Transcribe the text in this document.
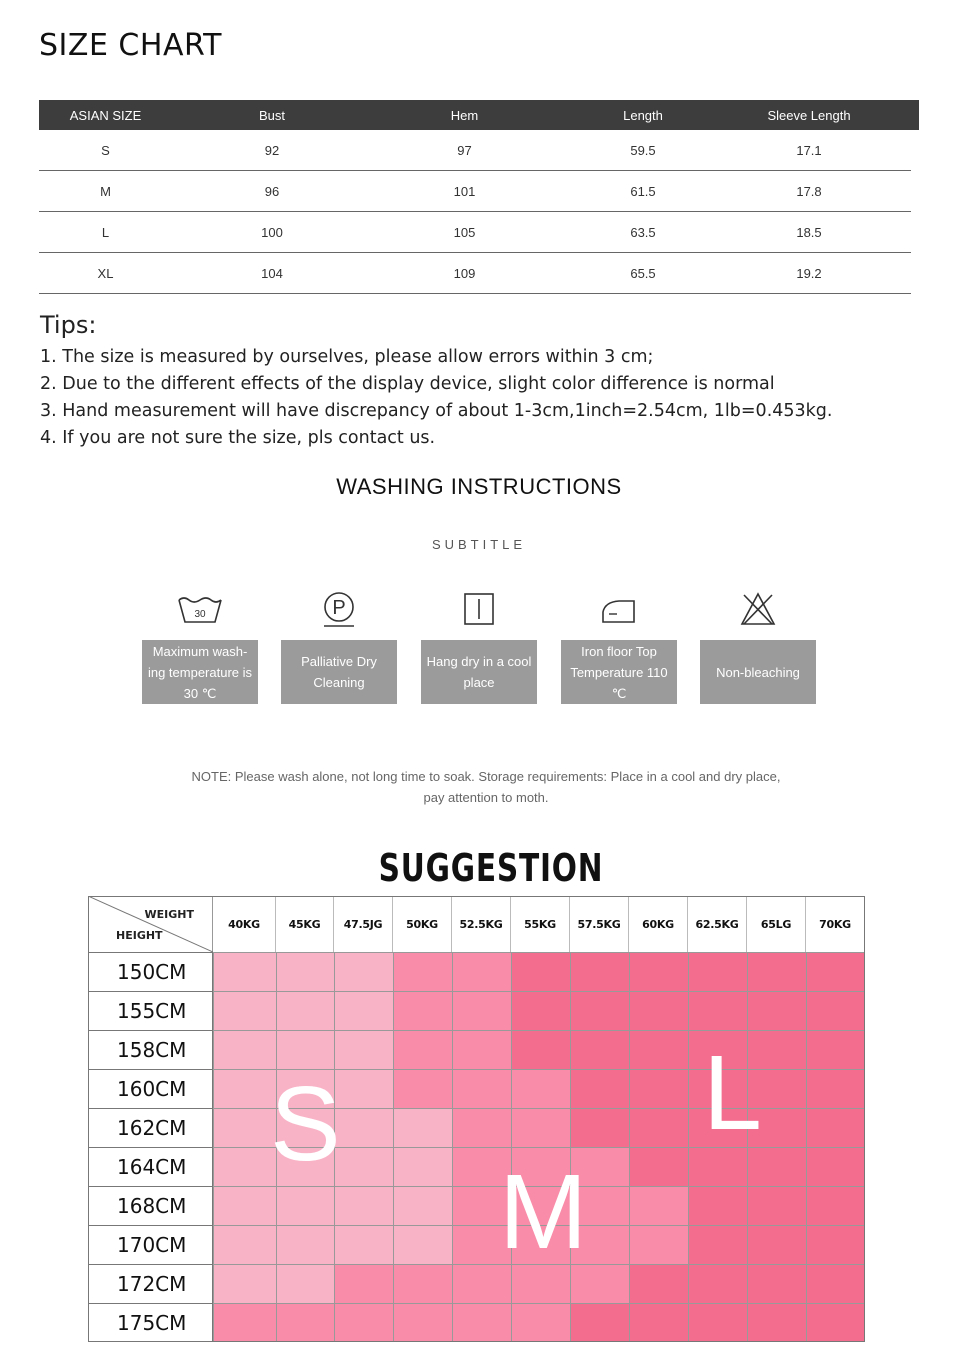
SIZE CHART
ASIAN SIZE	Bust	Hem	Length	Sleeve Length
S	92	97	59.5	17.1
M	96	101	61.5	17.8
L	100	105	63.5	18.5
XL	104	109	65.5	19.2
Tips:
1. The size is measured by ourselves, please allow errors within 3 cm;
2. Due to the different effects of the display device, slight color difference is normal
3. Hand measurement will have discrepancy of about 1-3cm,1inch=2.54cm, 1lb=0.453kg.
4. If you are not sure the size, pls contact us.
WASHING INSTRUCTIONS
SUBTITLE
30
Maximum wash-ing temperature is 30 ℃
P
Palliative Dry Cleaning
Hang dry in a cool place
Iron floor Top Temperature 110 ℃
Non-bleaching
NOTE: Please wash alone, not long time to soak. Storage requirements: Place in a cool and dry place,
pay attention to moth.
SUGGESTION
WEIGHT
HEIGHT
40KG	45KG	47.5JG	50KG	52.5KG	55KG	57.5KG	60KG	62.5KG	65LG	70KG
150CM
155CM
158CM
160CM
162CM
164CM
168CM
170CM
172CM
175CM
S
M
L
